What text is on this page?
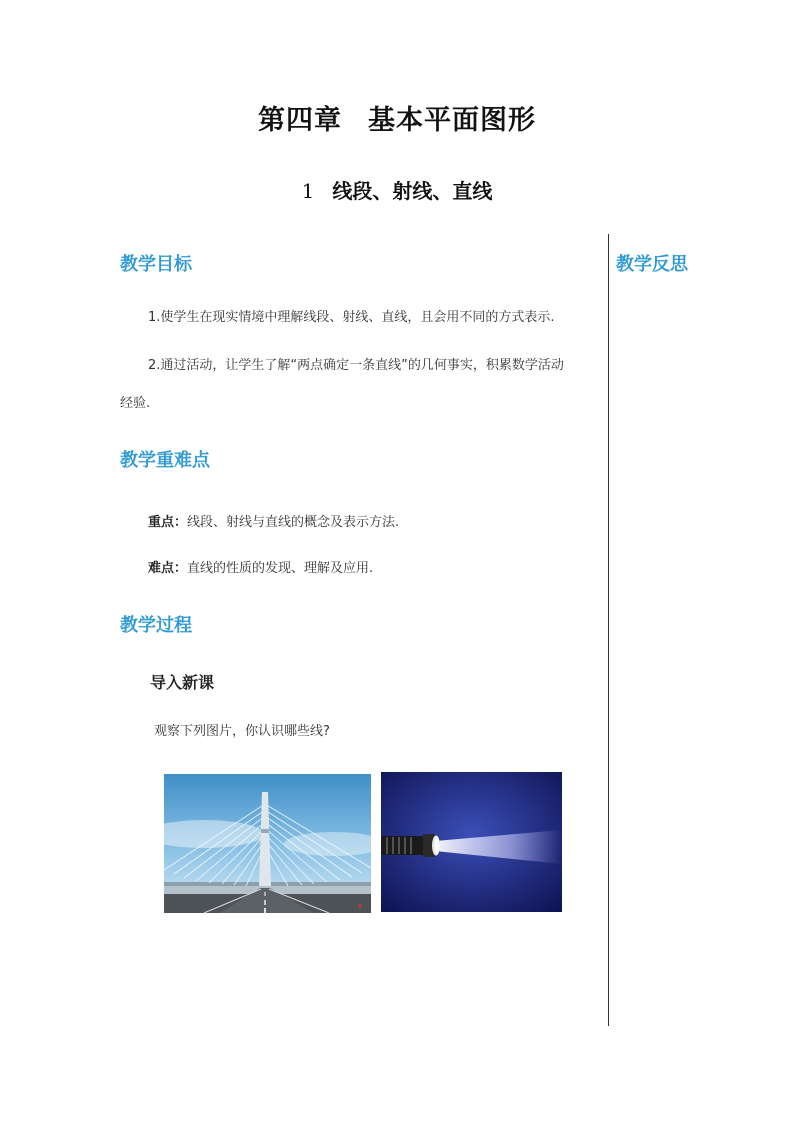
第四章 基本平面图形
1 线段、射线、直线
教学目标	教学反思
1.使学生在现实情境中理解线段、射线、直线，且会用不同的方式表示.
2.通过活动，让学生了解“两点确定一条直线”的几何事实，积累数学活动
经验.
教学重难点
重点：线段、射线与直线的概念及表示方法.
难点：直线的性质的发现、理解及应用.
教学过程
导入新课
观察下列图片，你认识哪些线?
